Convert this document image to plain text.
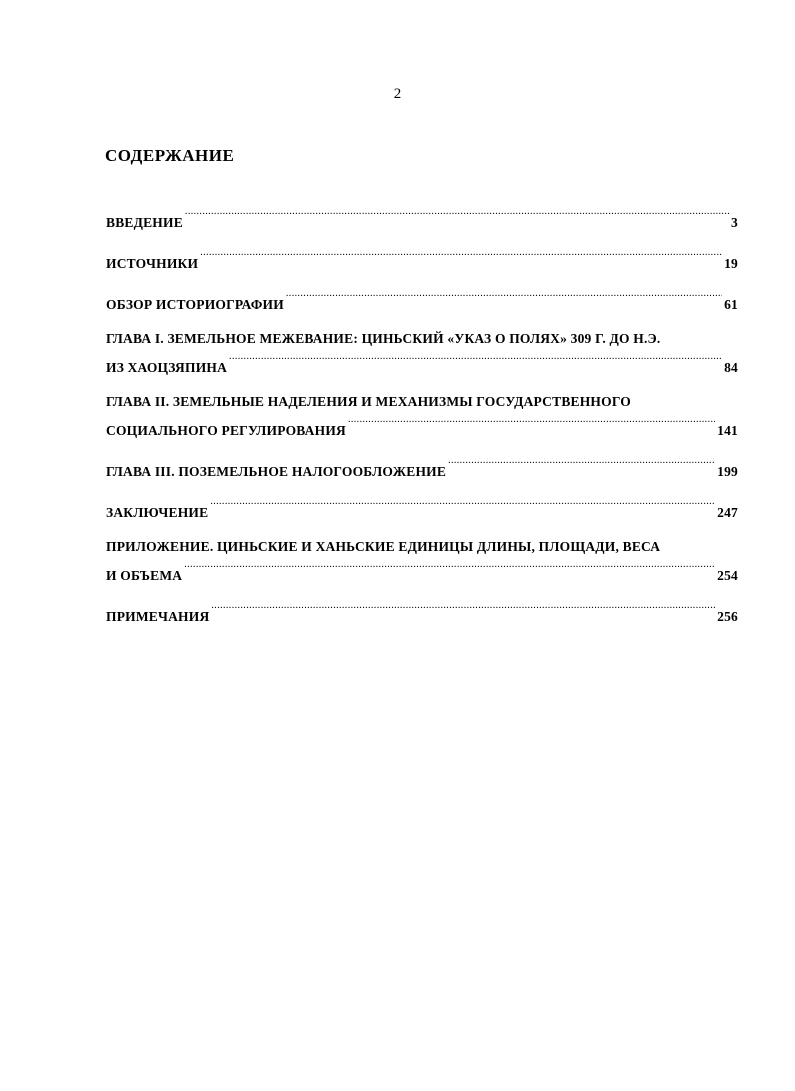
2
СОДЕРЖАНИЕ
ВВЕДЕНИЕ .....	3
ИСТОЧНИКИ .....	19
ОБЗОР ИСТОРИОГРАФИИ .....	61
ГЛАВА I. ЗЕМЕЛЬНОЕ МЕЖЕВАНИЕ: ЦИНЬСКИЙ «УКАЗ О ПОЛЯХ» 309 Г. ДО Н.Э.
ИЗ ХАОЦЗЯПИНА .....	84
ГЛАВА II. ЗЕМЕЛЬНЫЕ НАДЕЛЕНИЯ И МЕХАНИЗМЫ ГОСУДАРСТВЕННОГО
СОЦИАЛЬНОГО РЕГУЛИРОВАНИЯ .....	141
ГЛАВА III. ПОЗЕМЕЛЬНОЕ НАЛОГООБЛОЖЕНИЕ .....	199
ЗАКЛЮЧЕНИЕ .....	247
ПРИЛОЖЕНИЕ. ЦИНЬСКИЕ И ХАНЬСКИЕ ЕДИНИЦЫ ДЛИНЫ, ПЛОЩАДИ, ВЕСА
И ОБЪЕМА .....	254
ПРИМЕЧАНИЯ .....	256
